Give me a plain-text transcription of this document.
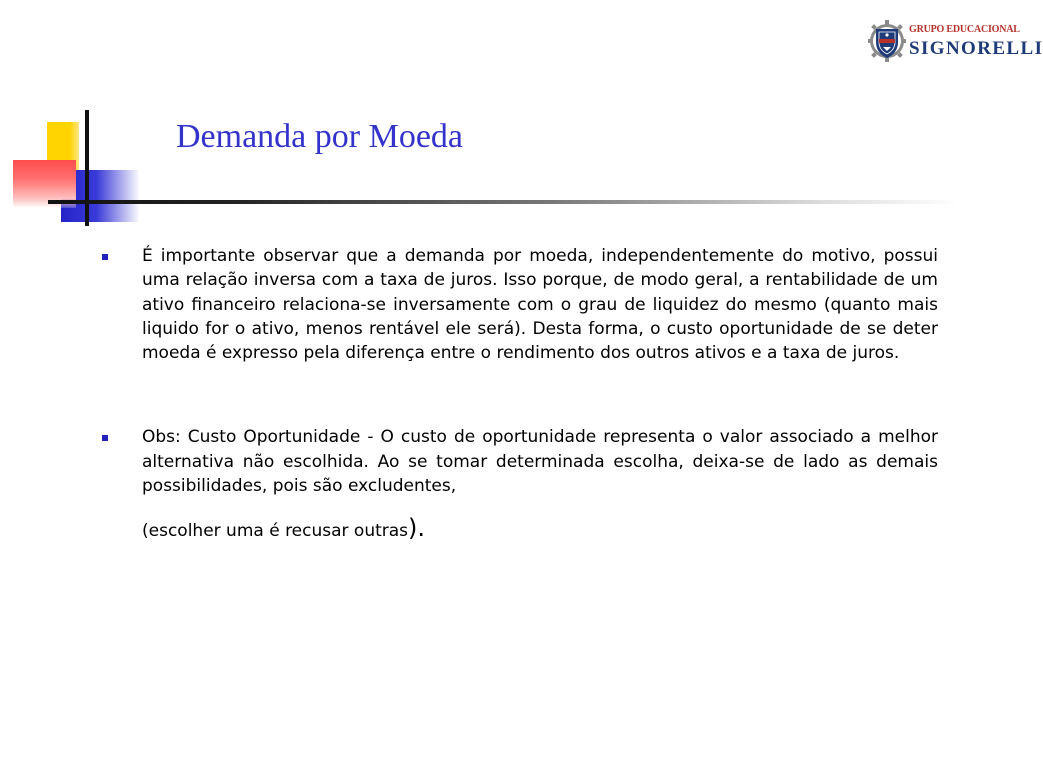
GRUPO EDUCACIONAL
SIGNORELLI
Demanda por Moeda

É importante observar que a demanda por moeda, independentemente do motivo, possui uma relação inversa com a taxa de juros. Isso porque, de modo geral, a rentabilidade de um ativo financeiro relaciona-se inversamente com o grau de liquidez do mesmo (quanto mais liquido for o ativo, menos rentável ele será). Desta forma, o custo oportunidade de se deter moeda é expresso pela diferença entre o rendimento dos outros ativos e a taxa de juros.

Obs: Custo Oportunidade - O custo de oportunidade representa o valor associado a melhor alternativa não escolhida. Ao se tomar determinada escolha, deixa-se de lado as demais possibilidades, pois são excludentes,
(escolher uma é recusar outras).
